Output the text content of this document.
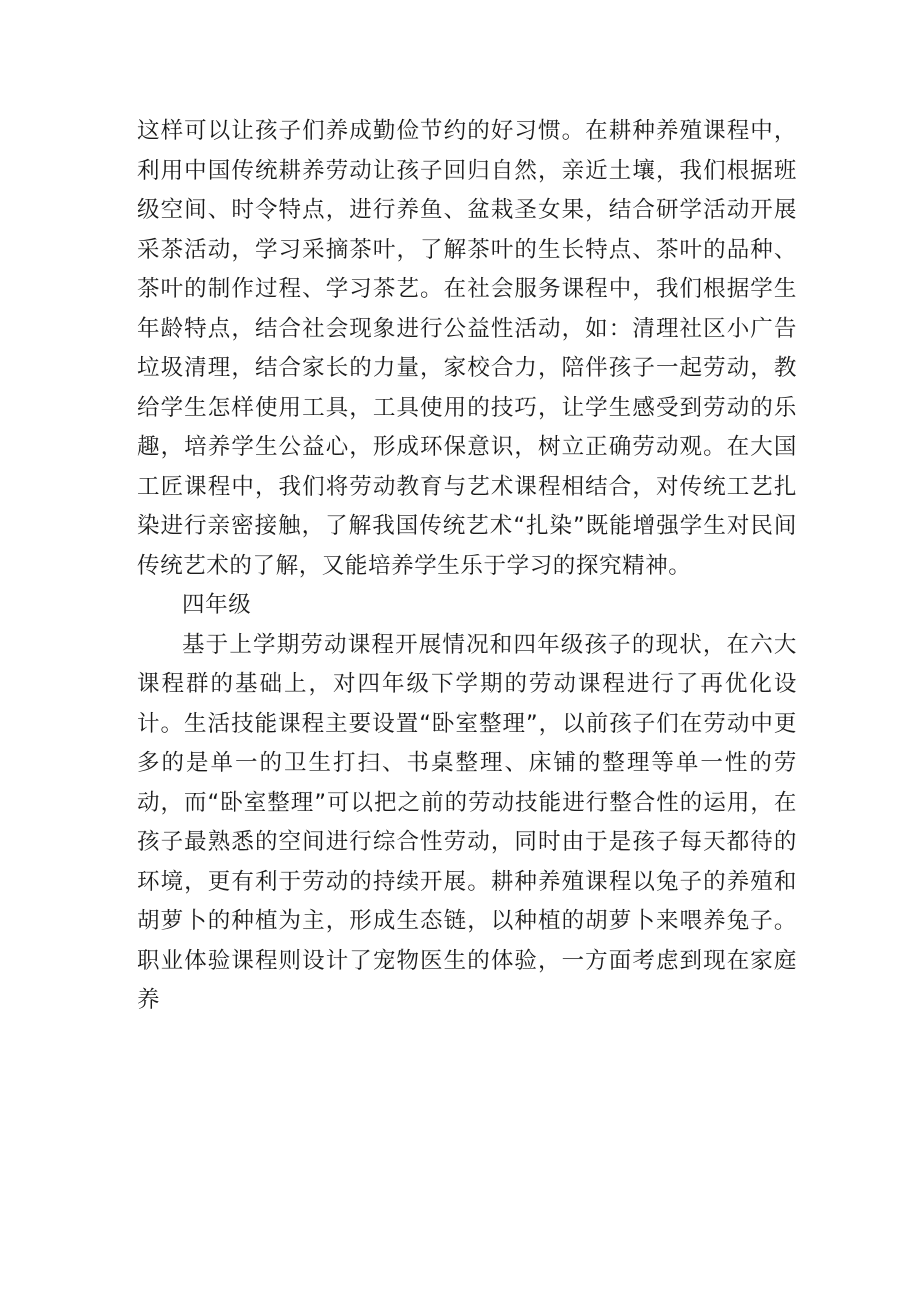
这样可以让孩子们养成勤俭节约的好习惯。在耕种养殖课程中，利用中国传统耕养劳动让孩子回归自然，亲近土壤，我们根据班级空间、时令特点，进行养鱼、盆栽圣女果，结合研学活动开展采茶活动，学习采摘茶叶，了解茶叶的生长特点、茶叶的品种、茶叶的制作过程、学习茶艺。在社会服务课程中，我们根据学生年龄特点，结合社会现象进行公益性活动，如：清理社区小广告垃圾清理，结合家长的力量，家校合力，陪伴孩子一起劳动，教给学生怎样使用工具，工具使用的技巧，让学生感受到劳动的乐趣，培养学生公益心，形成环保意识，树立正确劳动观。在大国工匠课程中，我们将劳动教育与艺术课程相结合，对传统工艺扎染进行亲密接触，了解我国传统艺术“扎染”既能增强学生对民间传统艺术的了解，又能培养学生乐于学习的探究精神。

四年级

基于上学期劳动课程开展情况和四年级孩子的现状，在六大课程群的基础上，对四年级下学期的劳动课程进行了再优化设计。生活技能课程主要设置“卧室整理”，以前孩子们在劳动中更多的是单一的卫生打扫、书桌整理、床铺的整理等单一性的劳动，而“卧室整理”可以把之前的劳动技能进行整合性的运用，在孩子最熟悉的空间进行综合性劳动，同时由于是孩子每天都待的环境，更有利于劳动的持续开展。耕种养殖课程以兔子的养殖和胡萝卜的种植为主，形成生态链，以种植的胡萝卜来喂养兔子。职业体验课程则设计了宠物医生的体验，一方面考虑到现在家庭养
